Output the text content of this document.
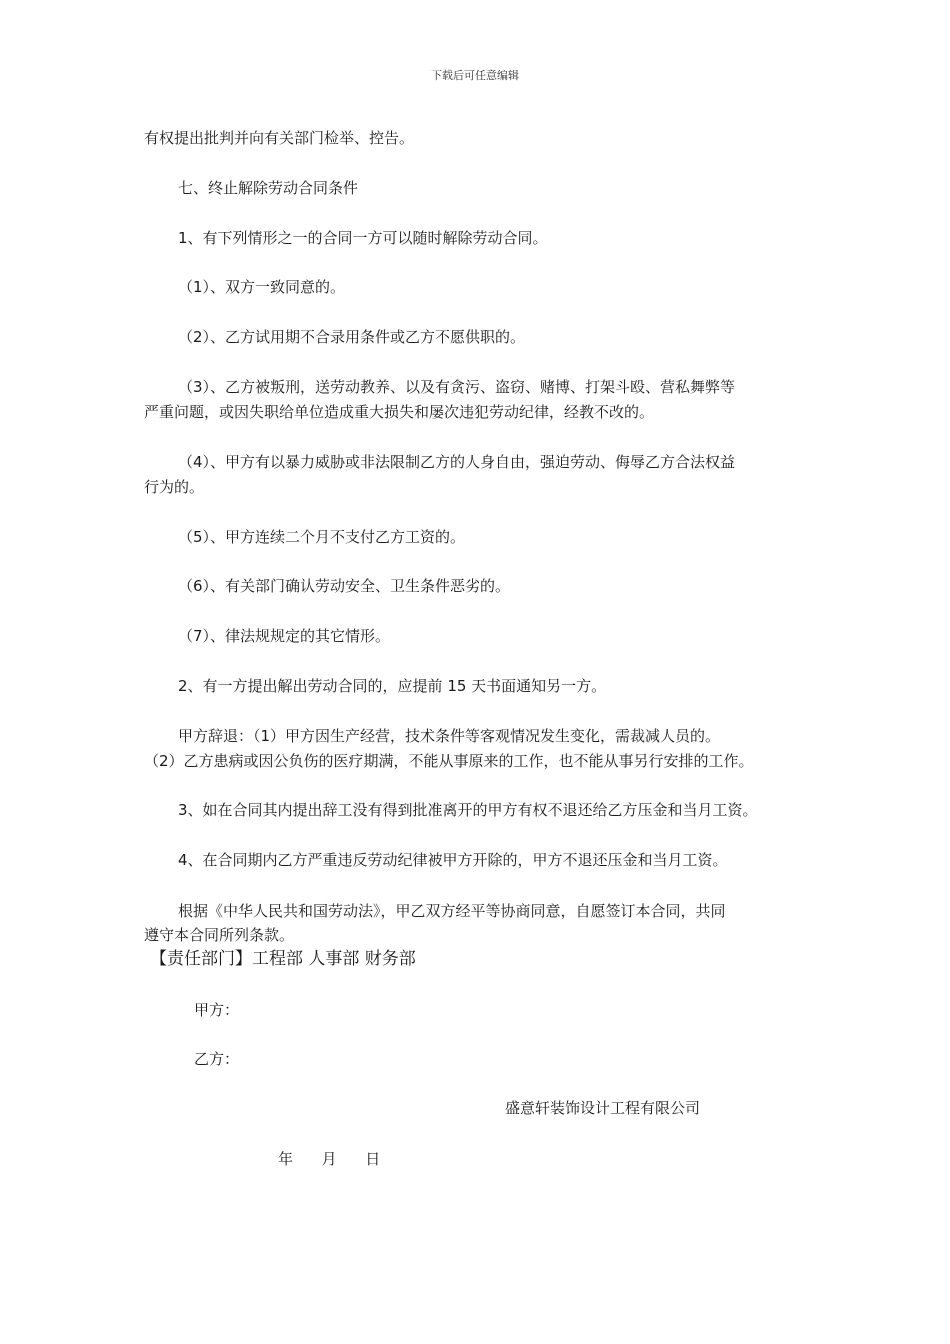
下载后可任意编辑
有权提出批判并向有关部门检举、控告。
七、终止解除劳动合同条件
1、有下列情形之一的合同一方可以随时解除劳动合同。
（1）、双方一致同意的。
（2）、乙方试用期不合录用条件或乙方不愿供职的。
（3）、乙方被叛刑，送劳动教养、以及有贪污、盗窃、赌博、打架斗殴、营私舞弊等
严重问题，或因失职给单位造成重大损失和屡次违犯劳动纪律，经教不改的。
（4）、甲方有以暴力威胁或非法限制乙方的人身自由，强迫劳动、侮辱乙方合法权益
行为的。
（5）、甲方连续二个月不支付乙方工资的。
（6）、有关部门确认劳动安全、卫生条件恶劣的。
（7）、律法规规定的其它情形。
2、有一方提出解出劳动合同的，应提前 15 天书面通知另一方。
甲方辞退：（1）甲方因生产经营，技术条件等客观情况发生变化，需裁减人员的。
（2）乙方患病或因公负伤的医疗期满，不能从事原来的工作，也不能从事另行安排的工作。
3、如在合同其内提出辞工没有得到批准离开的甲方有权不退还给乙方压金和当月工资。
4、在合同期内乙方严重违反劳动纪律被甲方开除的，甲方不退还压金和当月工资。
根据《中华人民共和国劳动法》，甲乙双方经平等协商同意，自愿签订本合同，共同
遵守本合同所列条款。
【责任部门】工程部 人事部 财务部
甲方：
乙方：
盛意轩装饰设计工程有限公司
年      月      日
